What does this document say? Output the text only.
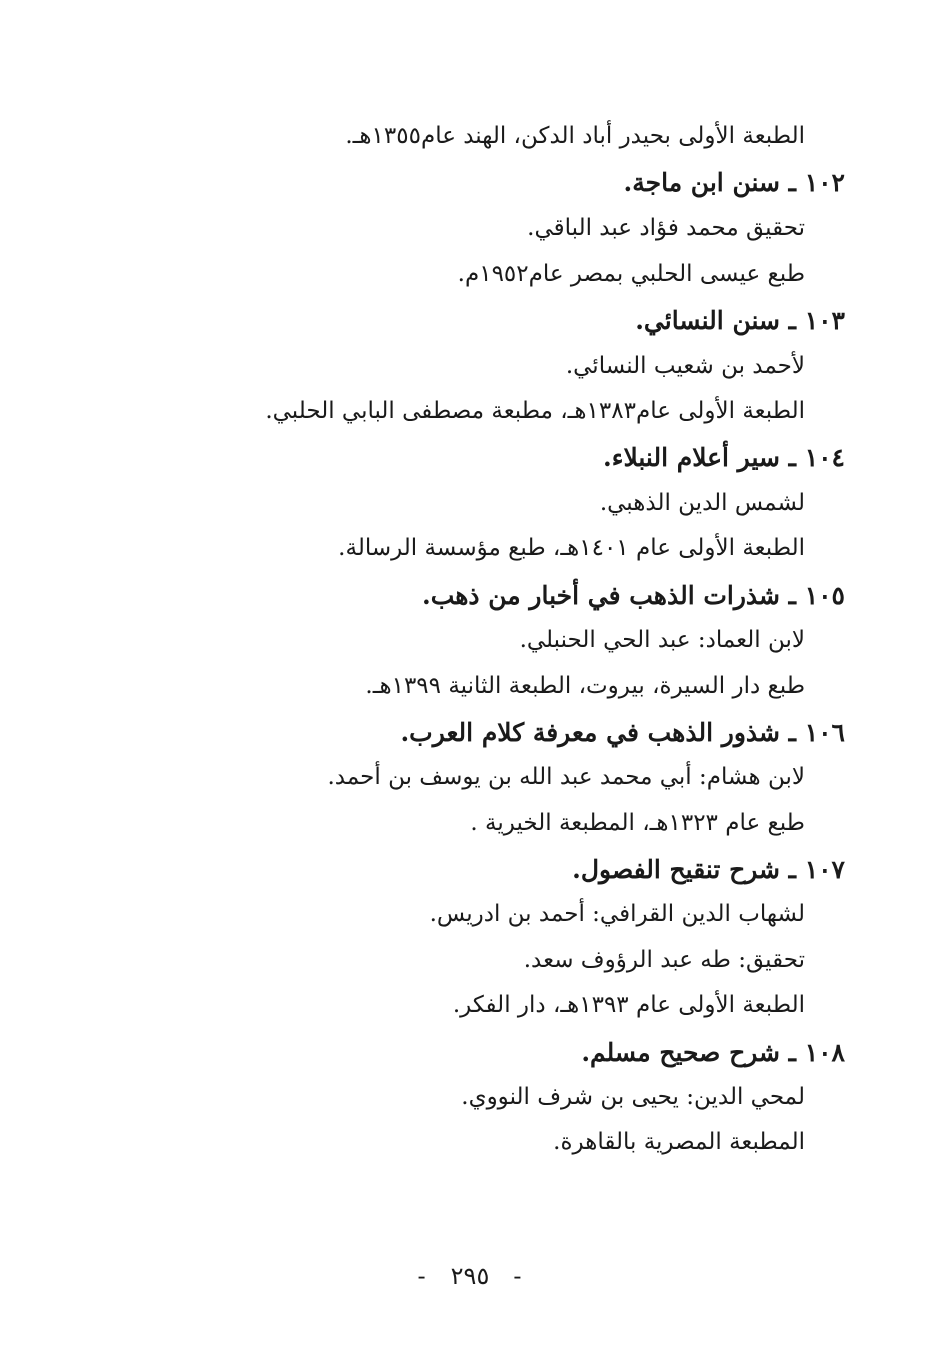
الطبعة الأولى بحيدر أباد الدكن، الهند عام١٣٥٥هـ.
١٠٢ ـ سنن ابن ماجة.
تحقيق محمد فؤاد عبد الباقي.
طبع عيسى الحلبي بمصر عام١٩٥٢م.
١٠٣ ـ سنن النسائي.
لأحمد بن شعيب النسائي.
الطبعة الأولى عام١٣٨٣هـ، مطبعة مصطفى البابي الحلبي.
١٠٤ ـ سير أعلام النبلاء.
لشمس الدين الذهبي.
الطبعة الأولى عام ١٤٠١هـ، طبع مؤسسة الرسالة.
١٠٥ ـ شذرات الذهب في أخبار من ذهب.
لابن العماد: عبد الحي الحنبلي.
طبع دار السيرة، بيروت، الطبعة الثانية ١٣٩٩هـ.
١٠٦ ـ شذور الذهب في معرفة كلام العرب.
لابن هشام: أبي محمد عبد الله بن يوسف بن أحمد.
طبع عام ١٣٢٣هـ، المطبعة الخيرية .
١٠٧ ـ شرح تنقيح الفصول.
لشهاب الدين القرافي: أحمد بن ادريس.
تحقيق: طه عبد الرؤوف سعد.
الطبعة الأولى عام ١٣٩٣هـ، دار الفكر.
١٠٨ ـ شرح صحيح مسلم.
لمحي الدين: يحيى بن شرف النووي.
المطبعة المصرية بالقاهرة.
-٢٩٥-
